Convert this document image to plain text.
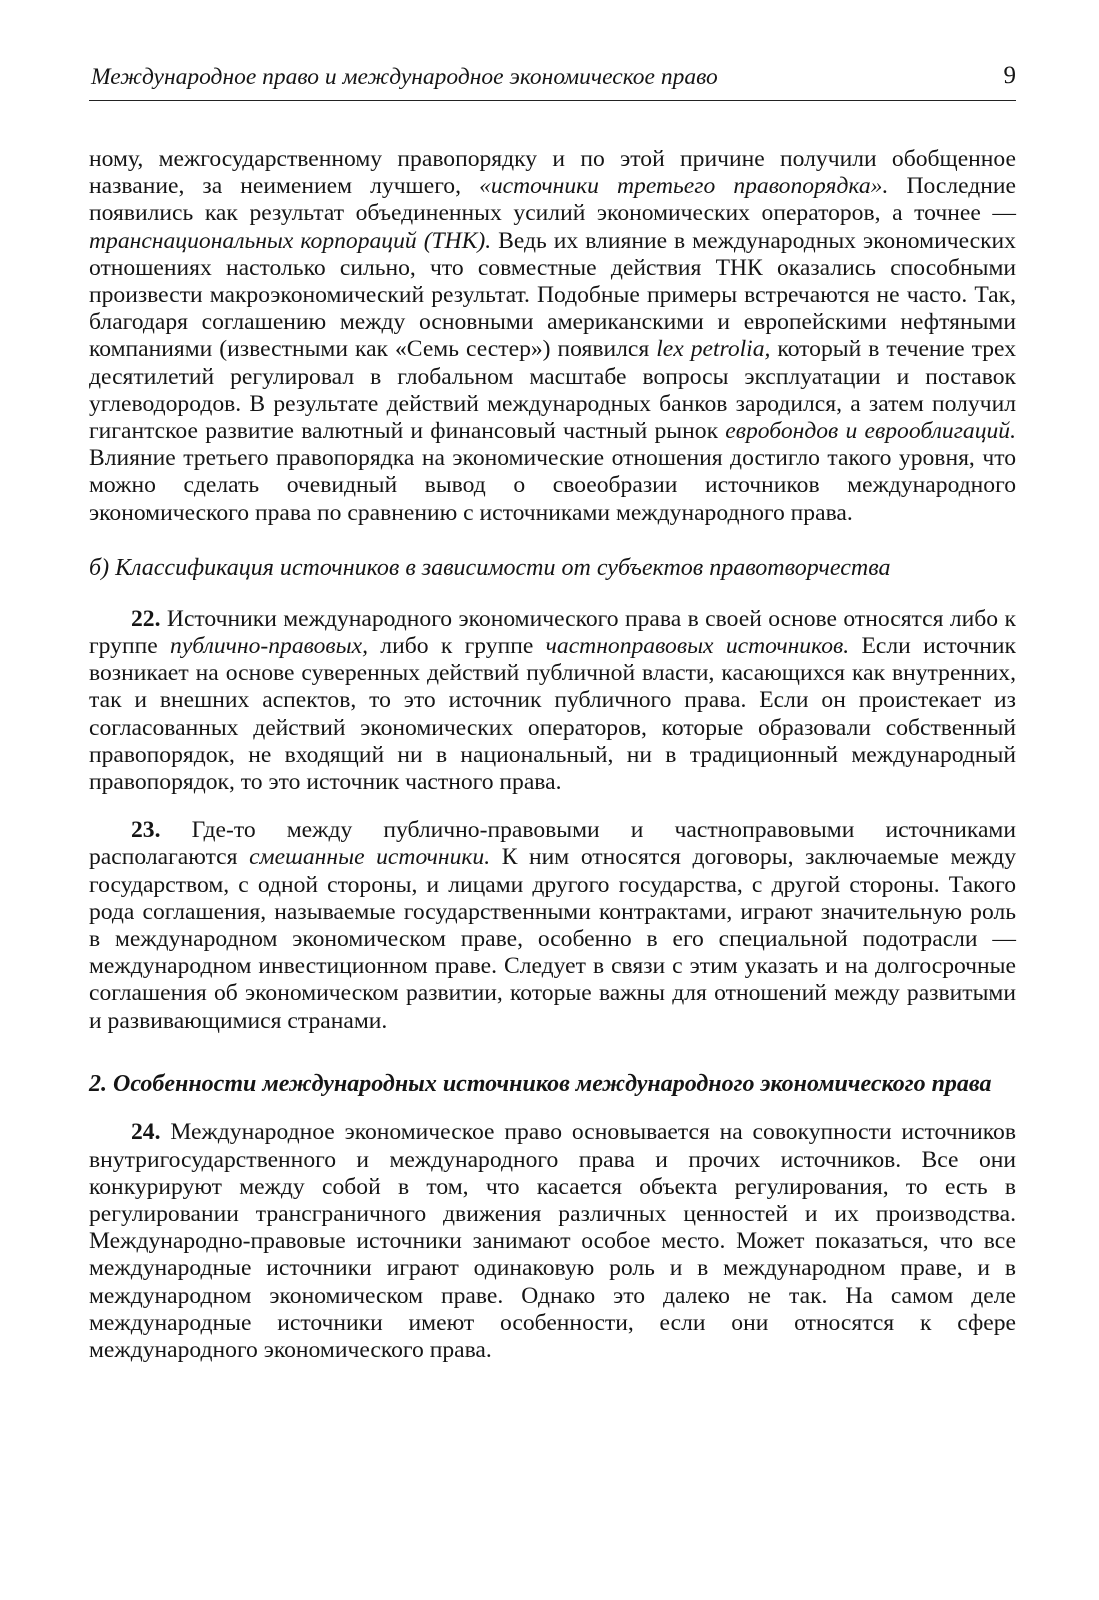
Международное право и международное экономическое право	9

ному, межгосударственному правопорядку и по этой причине получили обобщенное название, за неимением лучшего, «источники третьего правопорядка». Последние появились как результат объединенных усилий экономических операторов, а точнее — транснациональных корпораций (ТНК). Ведь их влияние в международных экономических отношениях настолько сильно, что совместные действия ТНК оказались способными произвести макроэкономический результат. Подобные примеры встречаются не часто. Так, благодаря соглашению между основными американскими и европейскими нефтяными компаниями (известными как «Семь сестер») появился lex petrolia, который в течение трех десятилетий регулировал в глобальном масштабе вопросы эксплуатации и поставок углеводородов. В результате действий международных банков зародился, а затем получил гигантское развитие валютный и финансовый частный рынок евробондов и еврооблигаций. Влияние третьего правопорядка на экономические отношения достигло такого уровня, что можно сделать очевидный вывод о своеобразии источников международного экономического права по сравнению с источниками международного права.

б) Классификация источников в зависимости от субъектов правотворчества

22. Источники международного экономического права в своей основе относятся либо к группе публично-правовых, либо к группе частноправовых источников. Если источник возникает на основе суверенных действий публичной власти, касающихся как внутренних, так и внешних аспектов, то это источник публичного права. Если он проистекает из согласованных действий экономических операторов, которые образовали собственный правопорядок, не входящий ни в национальный, ни в традиционный международный правопорядок, то это источник частного права.

23. Где-то между публично-правовыми и частноправовыми источниками располагаются смешанные источники. К ним относятся договоры, заключаемые между государством, с одной стороны, и лицами другого государства, с другой стороны. Такого рода соглашения, называемые государственными контрактами, играют значительную роль в международном экономическом праве, особенно в его специальной подотрасли — международном инвестиционном праве. Следует в связи с этим указать и на долгосрочные соглашения об экономическом развитии, которые важны для отношений между развитыми и развивающимися странами.

2. Особенности международных источников международного экономического права

24. Международное экономическое право основывается на совокупности источников внутригосударственного и международного права и прочих источников. Все они конкурируют между собой в том, что касается объекта регулирования, то есть в регулировании трансграничного движения различных ценностей и их производства. Международно-правовые источники занимают особое место. Может показаться, что все международные источники играют одинаковую роль и в международном праве, и в международном экономическом праве. Однако это далеко не так. На самом деле международные источники имеют особенности, если они относятся к сфере международного экономического права.
